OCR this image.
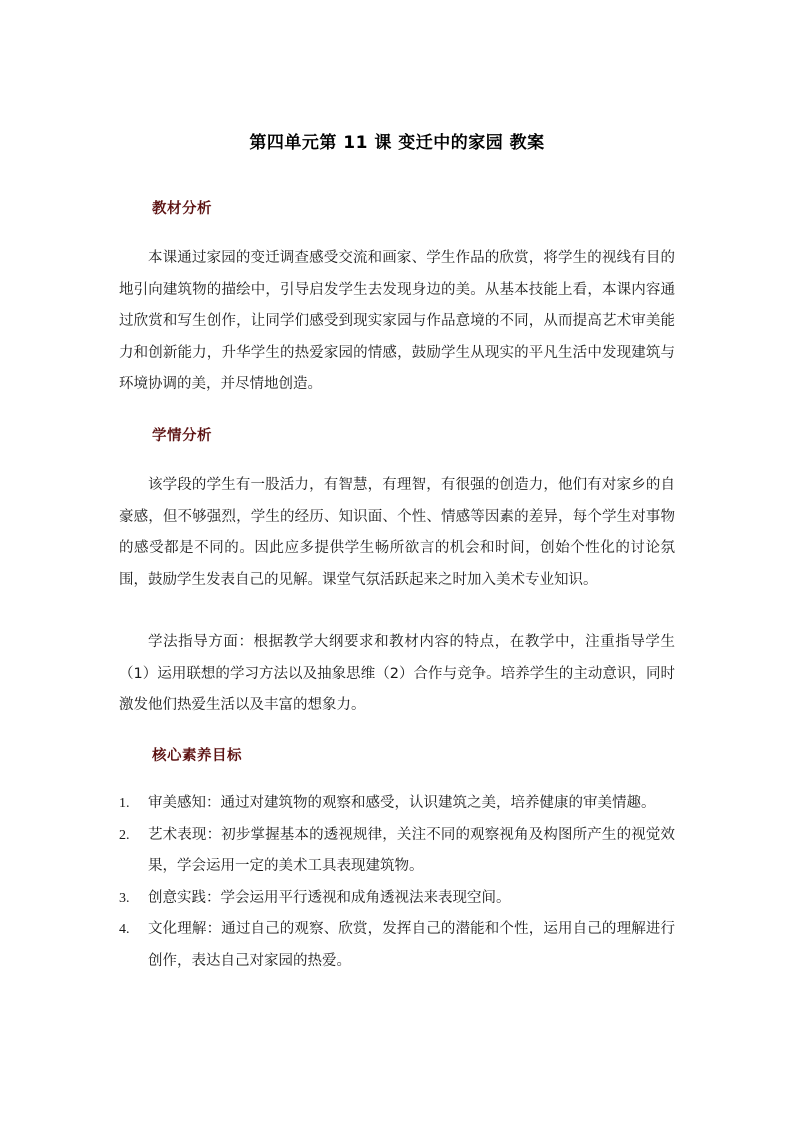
第四单元第 11 课 变迁中的家园 教案
教材分析

本课通过家园的变迁调查感受交流和画家、学生作品的欣赏，将学生的视线有目的地引向建筑物的描绘中，引导启发学生去发现身边的美。从基本技能上看，本课内容通过欣赏和写生创作，让同学们感受到现实家园与作品意境的不同，从而提高艺术审美能力和创新能力，升华学生的热爱家园的情感，鼓励学生从现实的平凡生活中发现建筑与环境协调的美，并尽情地创造。

学情分析

该学段的学生有一股活力，有智慧，有理智，有很强的创造力，他们有对家乡的自豪感，但不够强烈，学生的经历、知识面、个性、情感等因素的差异，每个学生对事物的感受都是不同的。因此应多提供学生畅所欲言的机会和时间，创始个性化的讨论氛围，鼓励学生发表自己的见解。课堂气氛活跃起来之时加入美术专业知识。

学法指导方面：根据教学大纲要求和教材内容的特点，在教学中，注重指导学生（1）运用联想的学习方法以及抽象思维（2）合作与竞争。培养学生的主动意识，同时激发他们热爱生活以及丰富的想象力。

核心素养目标
1. 审美感知：通过对建筑物的观察和感受，认识建筑之美，培养健康的审美情趣。
2. 艺术表现：初步掌握基本的透视规律，关注不同的观察视角及构图所产生的视觉效果，学会运用一定的美术工具表现建筑物。
3. 创意实践：学会运用平行透视和成角透视法来表现空间。
4. 文化理解：通过自己的观察、欣赏，发挥自己的潜能和个性，运用自己的理解进行创作，表达自己对家园的热爱。
